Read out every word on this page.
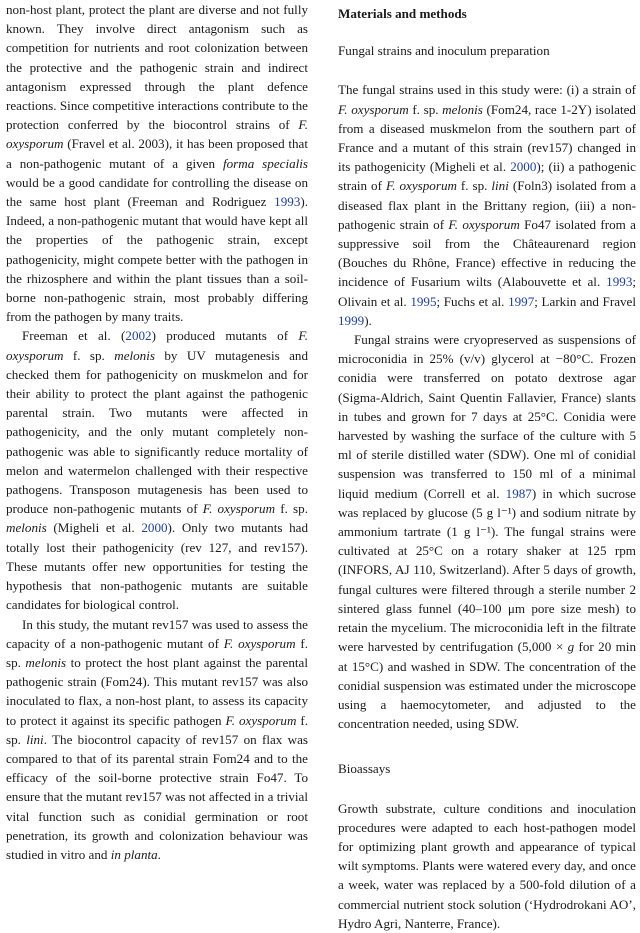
non-host plant, protect the plant are diverse and not fully known. They involve direct antagonism such as competition for nutrients and root colonization between the protective and the pathogenic strain and indirect antagonism expressed through the plant defence reactions. Since competitive interactions contribute to the protection conferred by the biocontrol strains of F. oxysporum (Fravel et al. 2003), it has been proposed that a non-pathogenic mutant of a given forma specialis would be a good candidate for controlling the disease on the same host plant (Freeman and Rodriguez 1993). Indeed, a non-pathogenic mutant that would have kept all the properties of the pathogenic strain, except pathogenicity, might compete better with the pathogen in the rhizosphere and within the plant tissues than a soil-borne non-pathogenic strain, most probably differing from the pathogen by many traits.

Freeman et al. (2002) produced mutants of F. oxysporum f. sp. melonis by UV mutagenesis and checked them for pathogenicity on muskmelon and for their ability to protect the plant against the pathogenic parental strain. Two mutants were affected in pathogenicity, and the only mutant completely non-pathogenic was able to significantly reduce mortality of melon and watermelon challenged with their respective pathogens. Transposon mutagenesis has been used to produce non-pathogenic mutants of F. oxysporum f. sp. melonis (Migheli et al. 2000). Only two mutants had totally lost their pathogenicity (rev 127, and rev157). These mutants offer new opportunities for testing the hypothesis that non-pathogenic mutants are suitable candidates for biological control.

In this study, the mutant rev157 was used to assess the capacity of a non-pathogenic mutant of F. oxysporum f. sp. melonis to protect the host plant against the parental pathogenic strain (Fom24). This mutant rev157 was also inoculated to flax, a non-host plant, to assess its capacity to protect it against its specific pathogen F. oxysporum f. sp. lini. The biocontrol capacity of rev157 on flax was compared to that of its parental strain Fom24 and to the efficacy of the soil-borne protective strain Fo47. To ensure that the mutant rev157 was not affected in a trivial vital function such as conidial germination or root penetration, its growth and colonization behaviour was studied in vitro and in planta.

Materials and methods

Fungal strains and inoculum preparation

The fungal strains used in this study were: (i) a strain of F. oxysporum f. sp. melonis (Fom24, race 1-2Y) isolated from a diseased muskmelon from the southern part of France and a mutant of this strain (rev157) changed in its pathogenicity (Migheli et al. 2000); (ii) a pathogenic strain of F. oxysporum f. sp. lini (Foln3) isolated from a diseased flax plant in the Brittany region, (iii) a non-pathogenic strain of F. oxysporum Fo47 isolated from a suppressive soil from the Châteaurenard region (Bouches du Rhône, France) effective in reducing the incidence of Fusarium wilts (Alabouvette et al. 1993; Olivain et al. 1995; Fuchs et al. 1997; Larkin and Fravel 1999).

Fungal strains were cryopreserved as suspensions of microconidia in 25% (v/v) glycerol at −80°C. Frozen conidia were transferred on potato dextrose agar (Sigma-Aldrich, Saint Quentin Fallavier, France) slants in tubes and grown for 7 days at 25°C. Conidia were harvested by washing the surface of the culture with 5 ml of sterile distilled water (SDW). One ml of conidial suspension was transferred to 150 ml of a minimal liquid medium (Correll et al. 1987) in which sucrose was replaced by glucose (5 g l⁻¹) and sodium nitrate by ammonium tartrate (1 g l⁻¹). The fungal strains were cultivated at 25°C on a rotary shaker at 125 rpm (INFORS, AJ 110, Switzerland). After 5 days of growth, fungal cultures were filtered through a sterile number 2 sintered glass funnel (40–100 μm pore size mesh) to retain the mycelium. The microconidia left in the filtrate were harvested by centrifugation (5,000 × g for 20 min at 15°C) and washed in SDW. The concentration of the conidial suspension was estimated under the microscope using a haemocytometer, and adjusted to the concentration needed, using SDW.

Bioassays

Growth substrate, culture conditions and inoculation procedures were adapted to each host-pathogen model for optimizing plant growth and appearance of typical wilt symptoms. Plants were watered every day, and once a week, water was replaced by a 500-fold dilution of a commercial nutrient stock solution (‘Hydrodrokani AO’, Hydro Agri, Nanterre, France).
